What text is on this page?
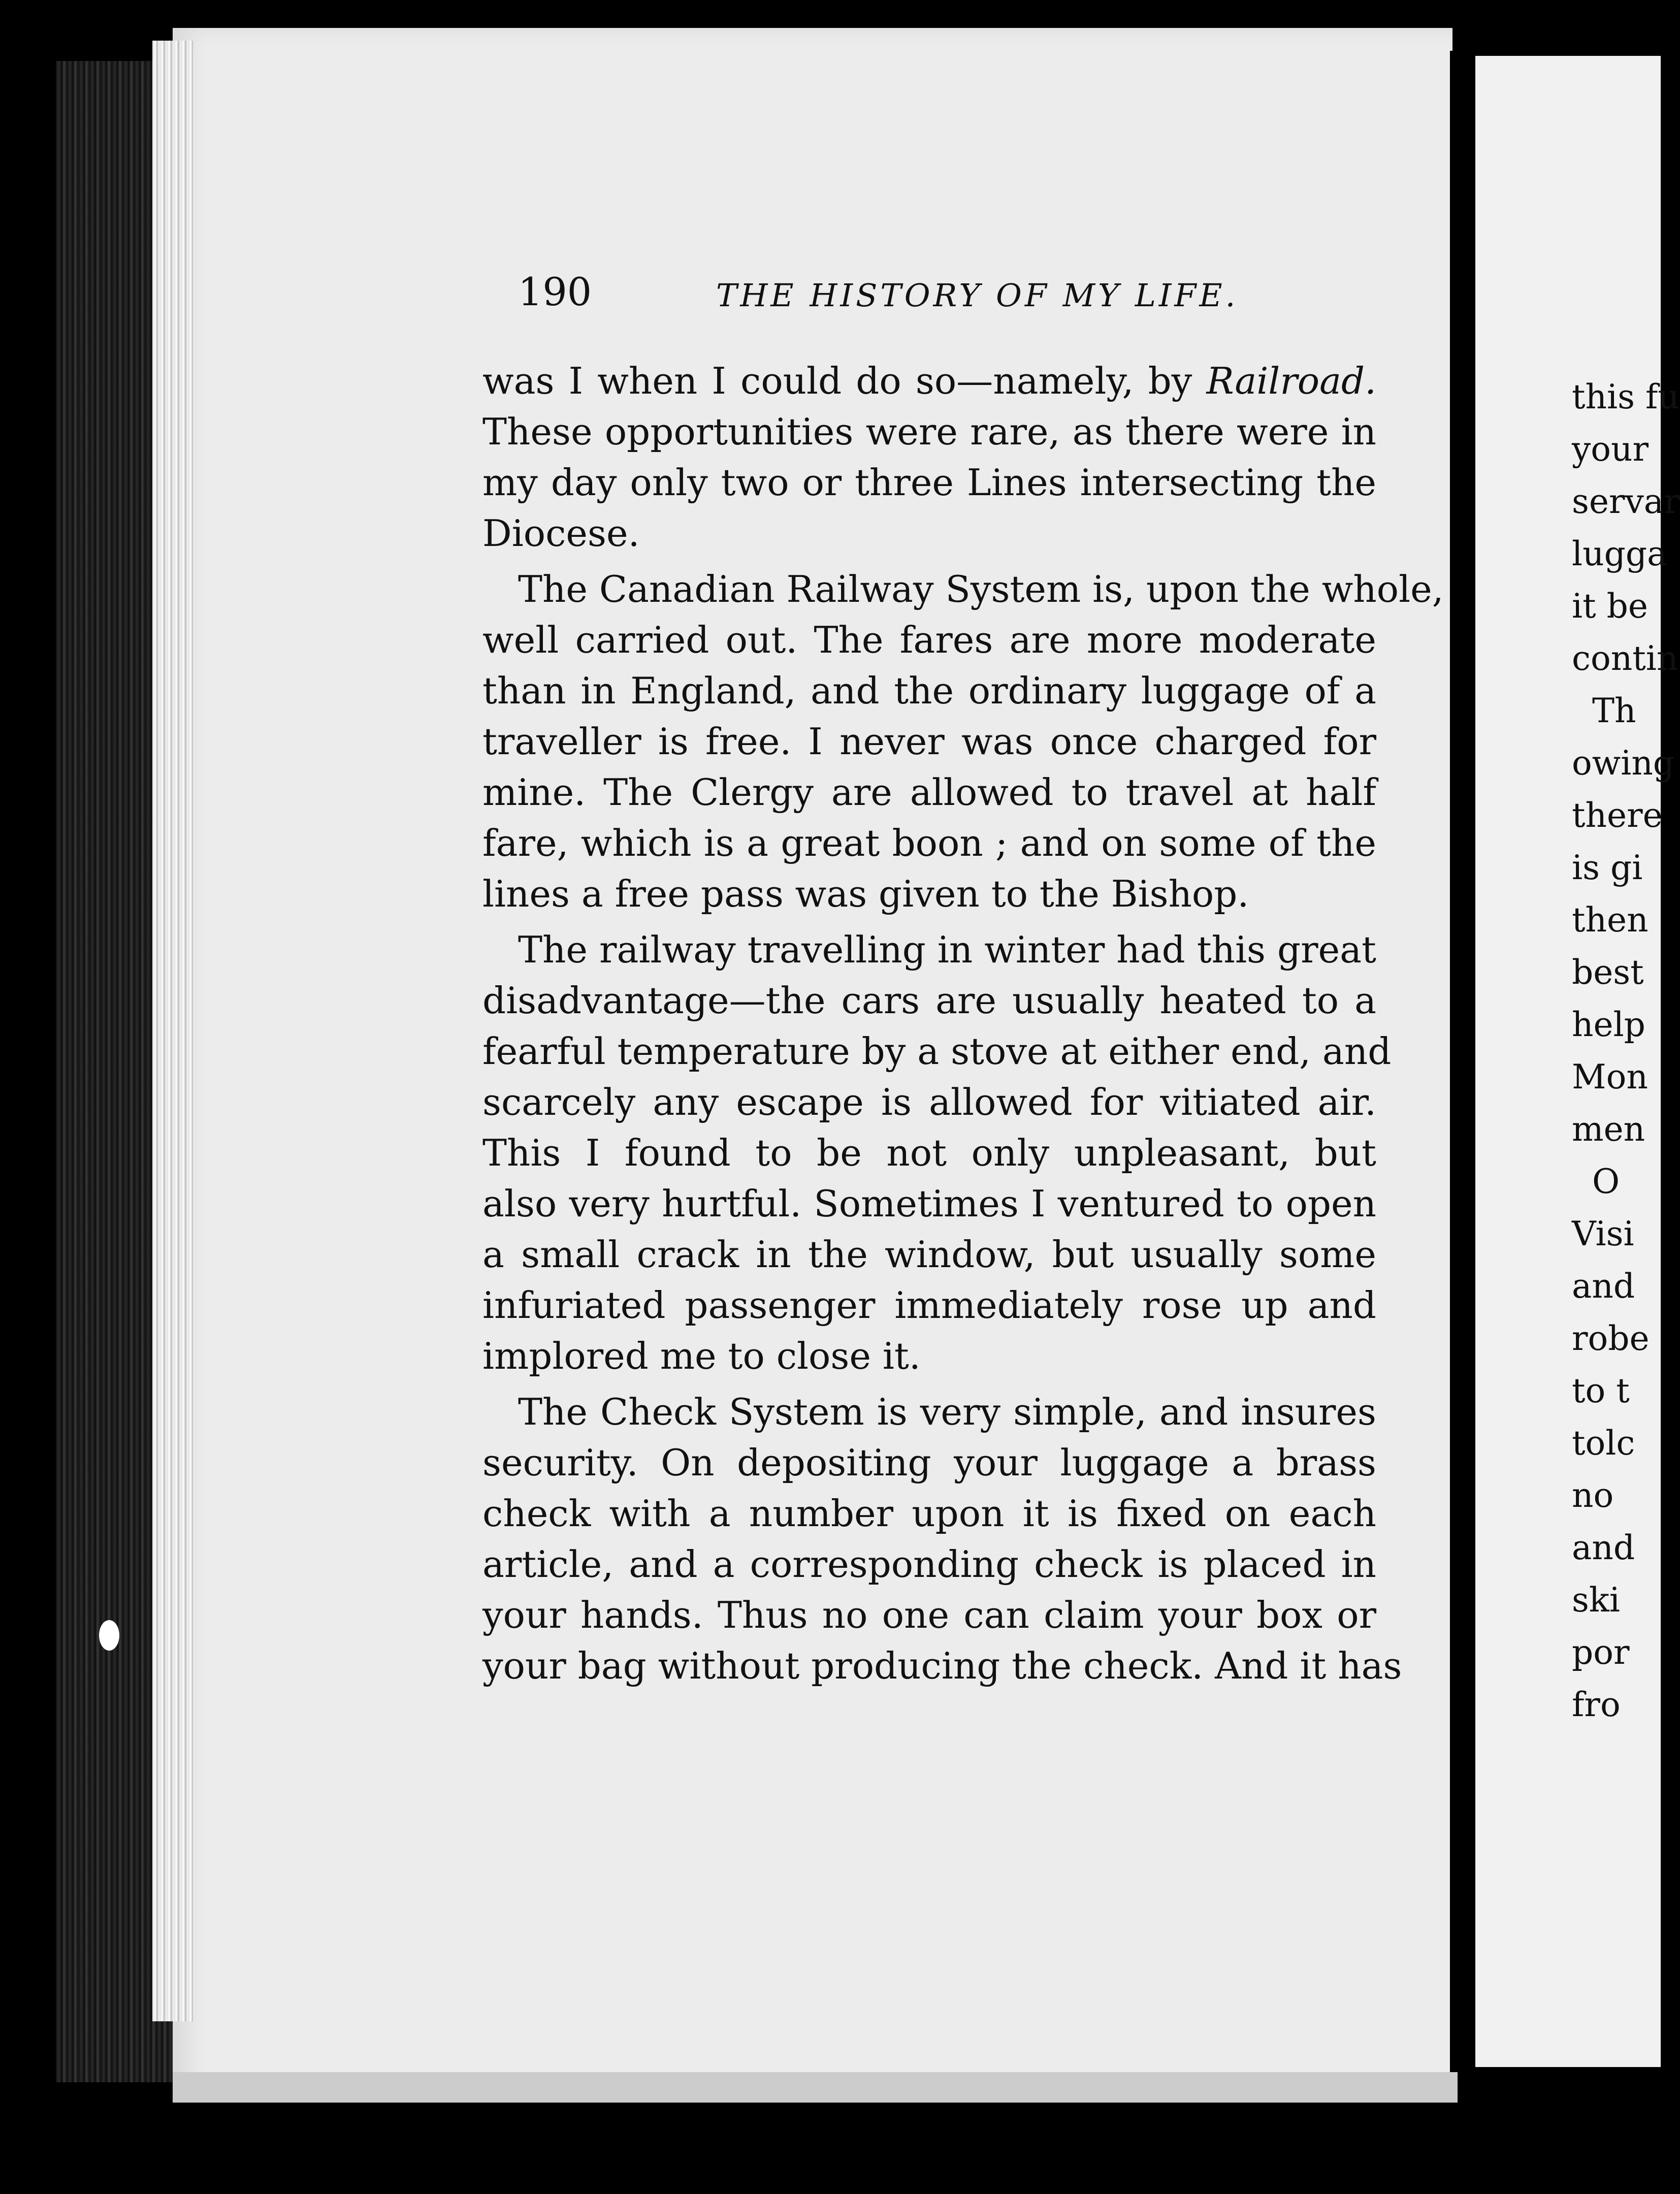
190	THE HISTORY OF MY LIFE.

was I when I could do so—namely, by Railroad.
These opportunities were rare, as there were in
my day only two or three Lines intersecting the
Diocese.

The Canadian Railway System is, upon the whole,
well carried out. The fares are more moderate
than in England, and the ordinary luggage of a
traveller is free. I never was once charged for
mine. The Clergy are allowed to travel at half
fare, which is a great boon ; and on some of the
lines a free pass was given to the Bishop.

The railway travelling in winter had this great
disadvantage—the cars are usually heated to a
fearful temperature by a stove at either end, and
scarcely any escape is allowed for vitiated air.
This I found to be not only unpleasant, but
also very hurtful. Sometimes I ventured to open
a small crack in the window, but usually some
infuriated passenger immediately rose up and
implored me to close it.

The Check System is very simple, and insures
security. On depositing your luggage a brass
check with a number upon it is fixed on each
article, and a corresponding check is placed in
your hands. Thus no one can claim your box or
your bag without producing the check. And it has

this fu
your
servar
lugga
it be
contin
Th
owing
there
is gi
then
best
help
Mon
men
O
Visi
and
robe
to t
tolc
no
and
ski
por
fro
